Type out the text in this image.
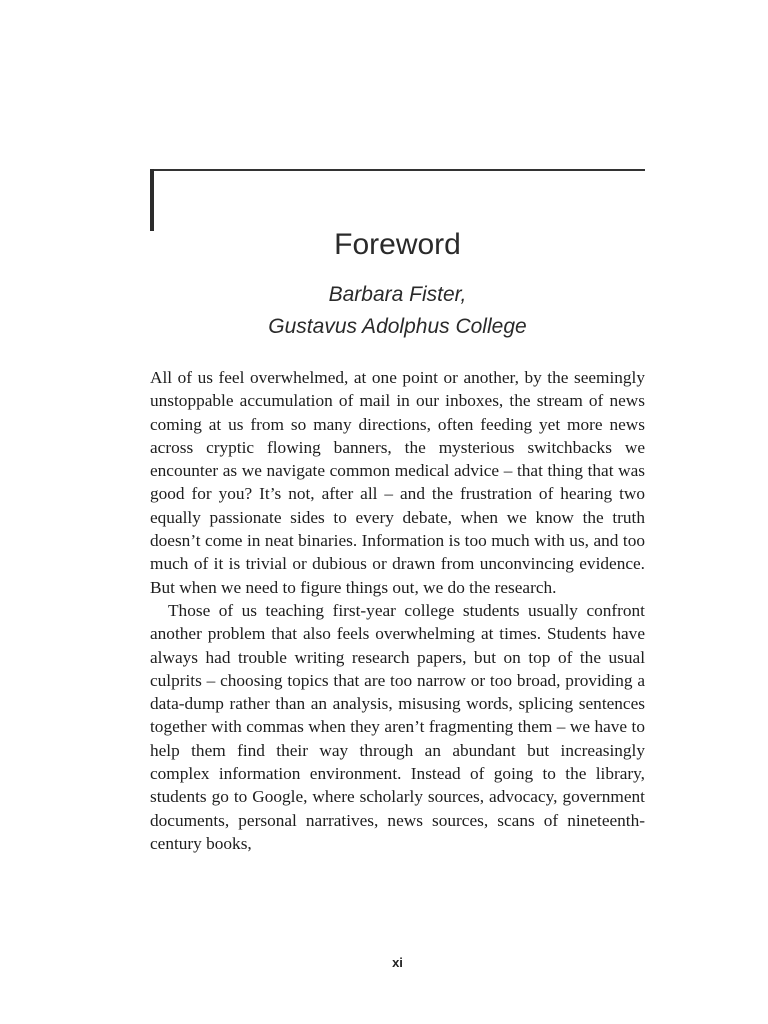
Foreword
Barbara Fister,
Gustavus Adolphus College

All of us feel overwhelmed, at one point or another, by the seemingly unstoppable accumulation of mail in our inboxes, the stream of news coming at us from so many directions, often feeding yet more news across cryptic flowing banners, the mysterious switchbacks we encounter as we navigate common medical advice – that thing that was good for you? It’s not, after all – and the frustration of hearing two equally passionate sides to every debate, when we know the truth doesn’t come in neat binaries. Information is too much with us, and too much of it is trivial or dubious or drawn from unconvincing evidence. But when we need to figure things out, we do the research.

Those of us teaching first-year college students usually confront another problem that also feels overwhelming at times. Students have always had trouble writing research papers, but on top of the usual culprits – choosing topics that are too narrow or too broad, providing a data-dump rather than an analysis, misusing words, splicing sentences together with commas when they aren’t fragmenting them – we have to help them find their way through an abundant but increasingly complex information environment. Instead of going to the library, students go to Google, where scholarly sources, advocacy, government documents, personal narratives, news sources, scans of nineteenth-century books,

xi
